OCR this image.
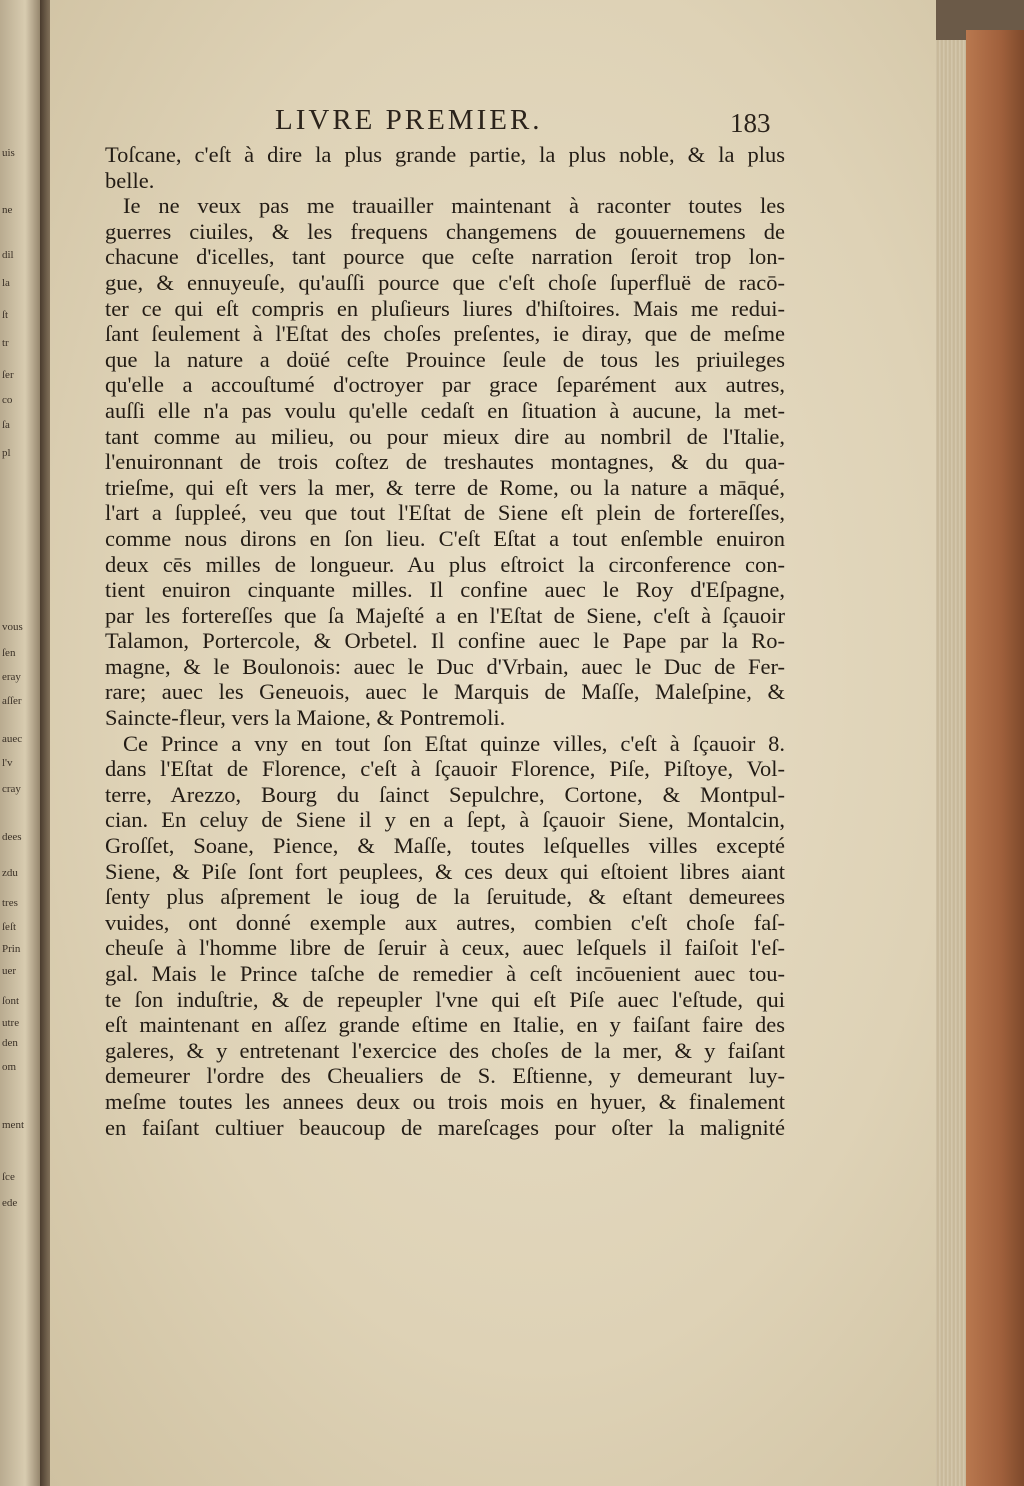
uis
ne
dil
la
ſt
tr
ſer
co
ſa
pl
vous
ſen
eray
aſſer
auec
l'v
cray
dees
zdu
tres
ſeſt
Prin
uer
ſont
utre
den
om
ment
ſce
ede
LIVRE PREMIER.	183
Toſcane, c'eſt à dire la plus grande partie, la plus noble, & la plus
belle.
Ie ne veux pas me trauailler maintenant à raconter toutes les
guerres ciuiles, & les frequens changemens de gouuernemens de
chacune d'icelles, tant pource que ceſte narration ſeroit trop lon-
gue, & ennuyeuſe, qu'auſſi pource que c'eſt choſe ſuperfluë de racō-
ter ce qui eſt compris en pluſieurs liures d'hiſtoires. Mais me redui-
ſant ſeulement à l'Eſtat des choſes preſentes, ie diray, que de meſme
que la nature a doüé ceſte Prouince ſeule de tous les priuileges
qu'elle a accouſtumé d'octroyer par grace ſeparément aux autres,
auſſi elle n'a pas voulu qu'elle cedaſt en ſituation à aucune, la met-
tant comme au milieu, ou pour mieux dire au nombril de l'Italie,
l'enuironnant de trois coſtez de treshautes montagnes, & du qua-
trieſme, qui eſt vers la mer, & terre de Rome, ou la nature a māqué,
l'art a ſuppleé, veu que tout l'Eſtat de Siene eſt plein de fortereſſes,
comme nous dirons en ſon lieu. C'eſt Eſtat a tout enſemble enuiron
deux cēs milles de longueur. Au plus eſtroict la circonference con-
tient enuiron cinquante milles. Il confine auec le Roy d'Eſpagne,
par les fortereſſes que ſa Majeſté a en l'Eſtat de Siene, c'eſt à ſçauoir
Talamon, Portercole, & Orbetel. Il confine auec le Pape par la Ro-
magne, & le Boulonois: auec le Duc d'Vrbain, auec le Duc de Fer-
rare; auec les Geneuois, auec le Marquis de Maſſe, Maleſpine, &
Saincte-fleur, vers la Maione, & Pontremoli.
Ce Prince a vny en tout ſon Eſtat quinze villes, c'eſt à ſçauoir 8.
dans l'Eſtat de Florence, c'eſt à ſçauoir Florence, Piſe, Piſtoye, Vol-
terre, Arezzo, Bourg du ſainct Sepulchre, Cortone, & Montpul-
cian. En celuy de Siene il y en a ſept, à ſçauoir Siene, Montalcin,
Groſſet, Soane, Pience, & Maſſe, toutes leſquelles villes excepté
Siene, & Piſe ſont fort peuplees, & ces deux qui eſtoient libres aiant
ſenty plus aſprement le ioug de la ſeruitude, & eſtant demeurees
vuides, ont donné exemple aux autres, combien c'eſt choſe faſ-
cheuſe à l'homme libre de ſeruir à ceux, auec leſquels il faiſoit l'eſ-
gal. Mais le Prince taſche de remedier à ceſt incōuenient auec tou-
te ſon induſtrie, & de repeupler l'vne qui eſt Piſe auec l'eſtude, qui
eſt maintenant en aſſez grande eſtime en Italie, en y faiſant faire des
galeres, & y entretenant l'exercice des choſes de la mer, & y faiſant
demeurer l'ordre des Cheualiers de S. Eſtienne, y demeurant luy-
meſme toutes les annees deux ou trois mois en hyuer, & finalement
en faiſant cultiuer beaucoup de mareſcages pour oſter la malignité
